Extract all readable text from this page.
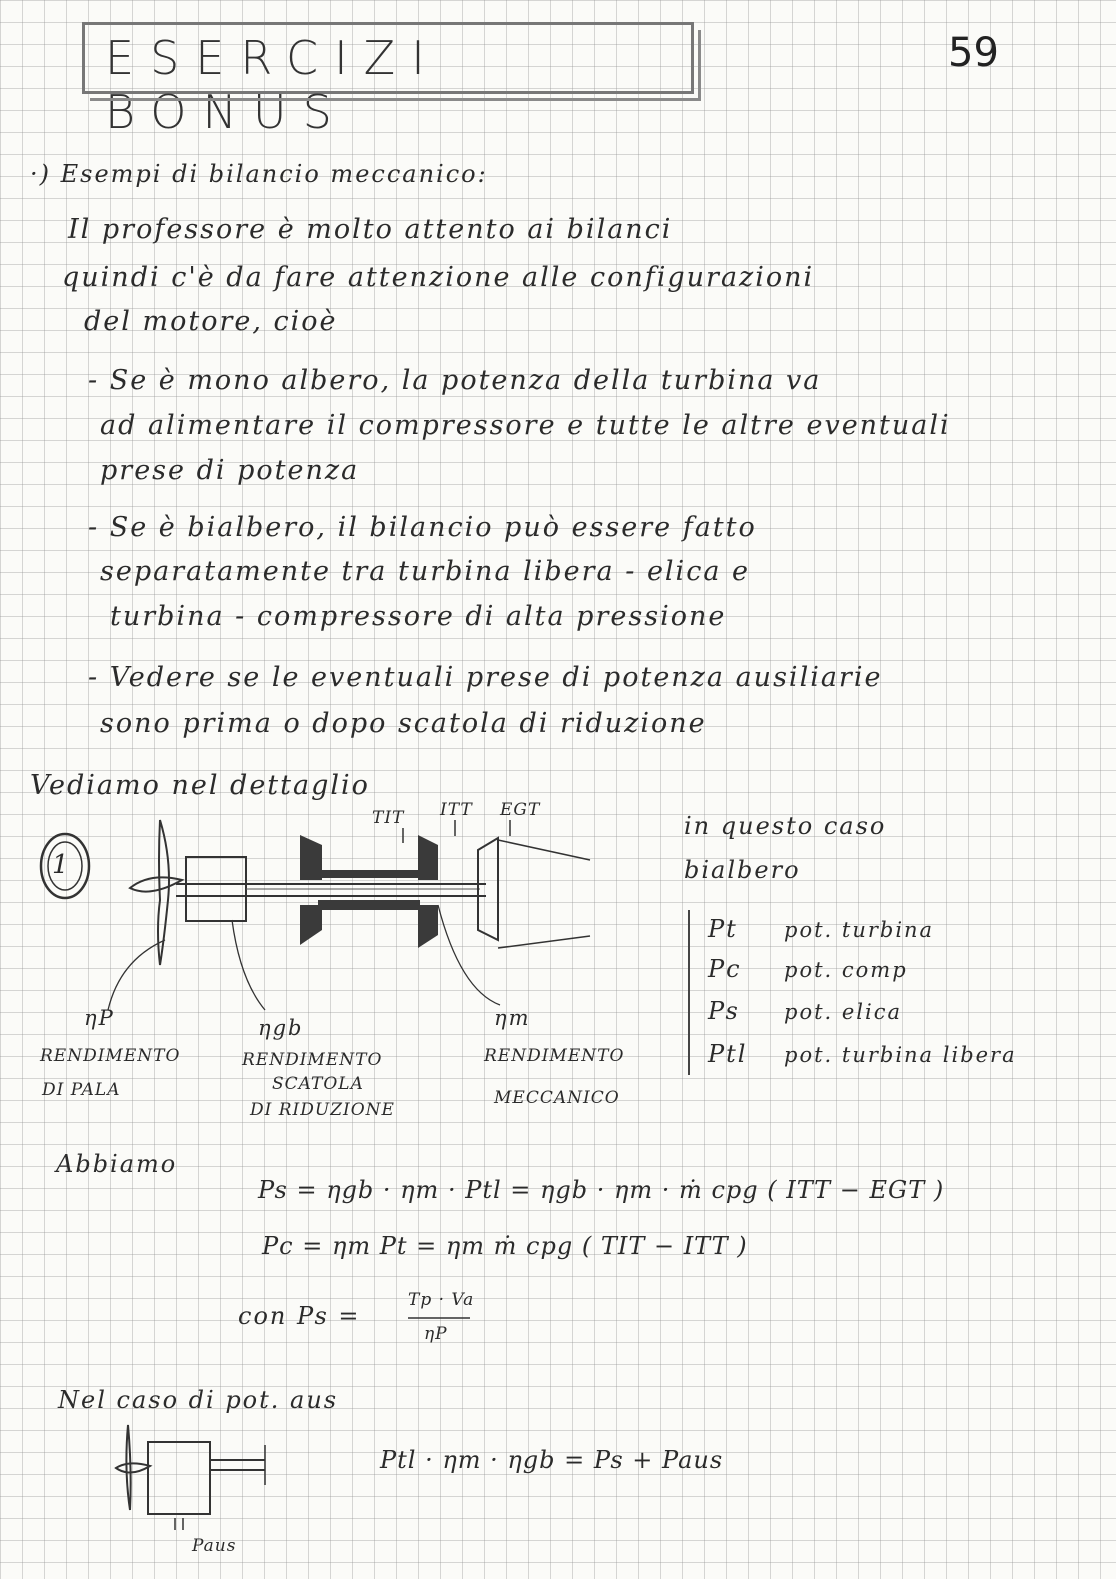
ESERCIZI BONUS
59
·) Esempi di bilancio meccanico:
Il professore è molto attento ai bilanci
quindi c'è da fare attenzione alle configurazioni
del motore, cioè
- Se è mono albero, la potenza della turbina va
ad alimentare il compressore e tutte le altre eventuali
prese di potenza
- Se è bialbero, il bilancio può essere fatto
separatamente tra turbina libera - elica e
turbina - compressore di alta pressione
- Vedere se le eventuali prese di potenza ausiliarie
sono prima o dopo scatola di riduzione
Vediamo nel dettaglio
1
TIT ITT EGT
ηP	ηgb	ηm
RENDIMENTO
DI PALA
RENDIMENTO
SCATOLA
DI RIDUZIONE
RENDIMENTO
MECCANICO
in questo caso
bialbero
Pt pot. turbina
Pc pot. comp
Ps pot. elica
Ptl pot. turbina libera
Abbiamo
Ps = ηgb · ηm · Ptl = ηgb · ηm · ṁ cpg ( ITT − EGT )
Pc = ηm Pt = ηm ṁ cpg ( TIT − ITT )
con Ps =
Tp · Va
ηP
Nel caso di pot. aus
Ptl · ηm · ηgb = Ps + Paus
Paus
